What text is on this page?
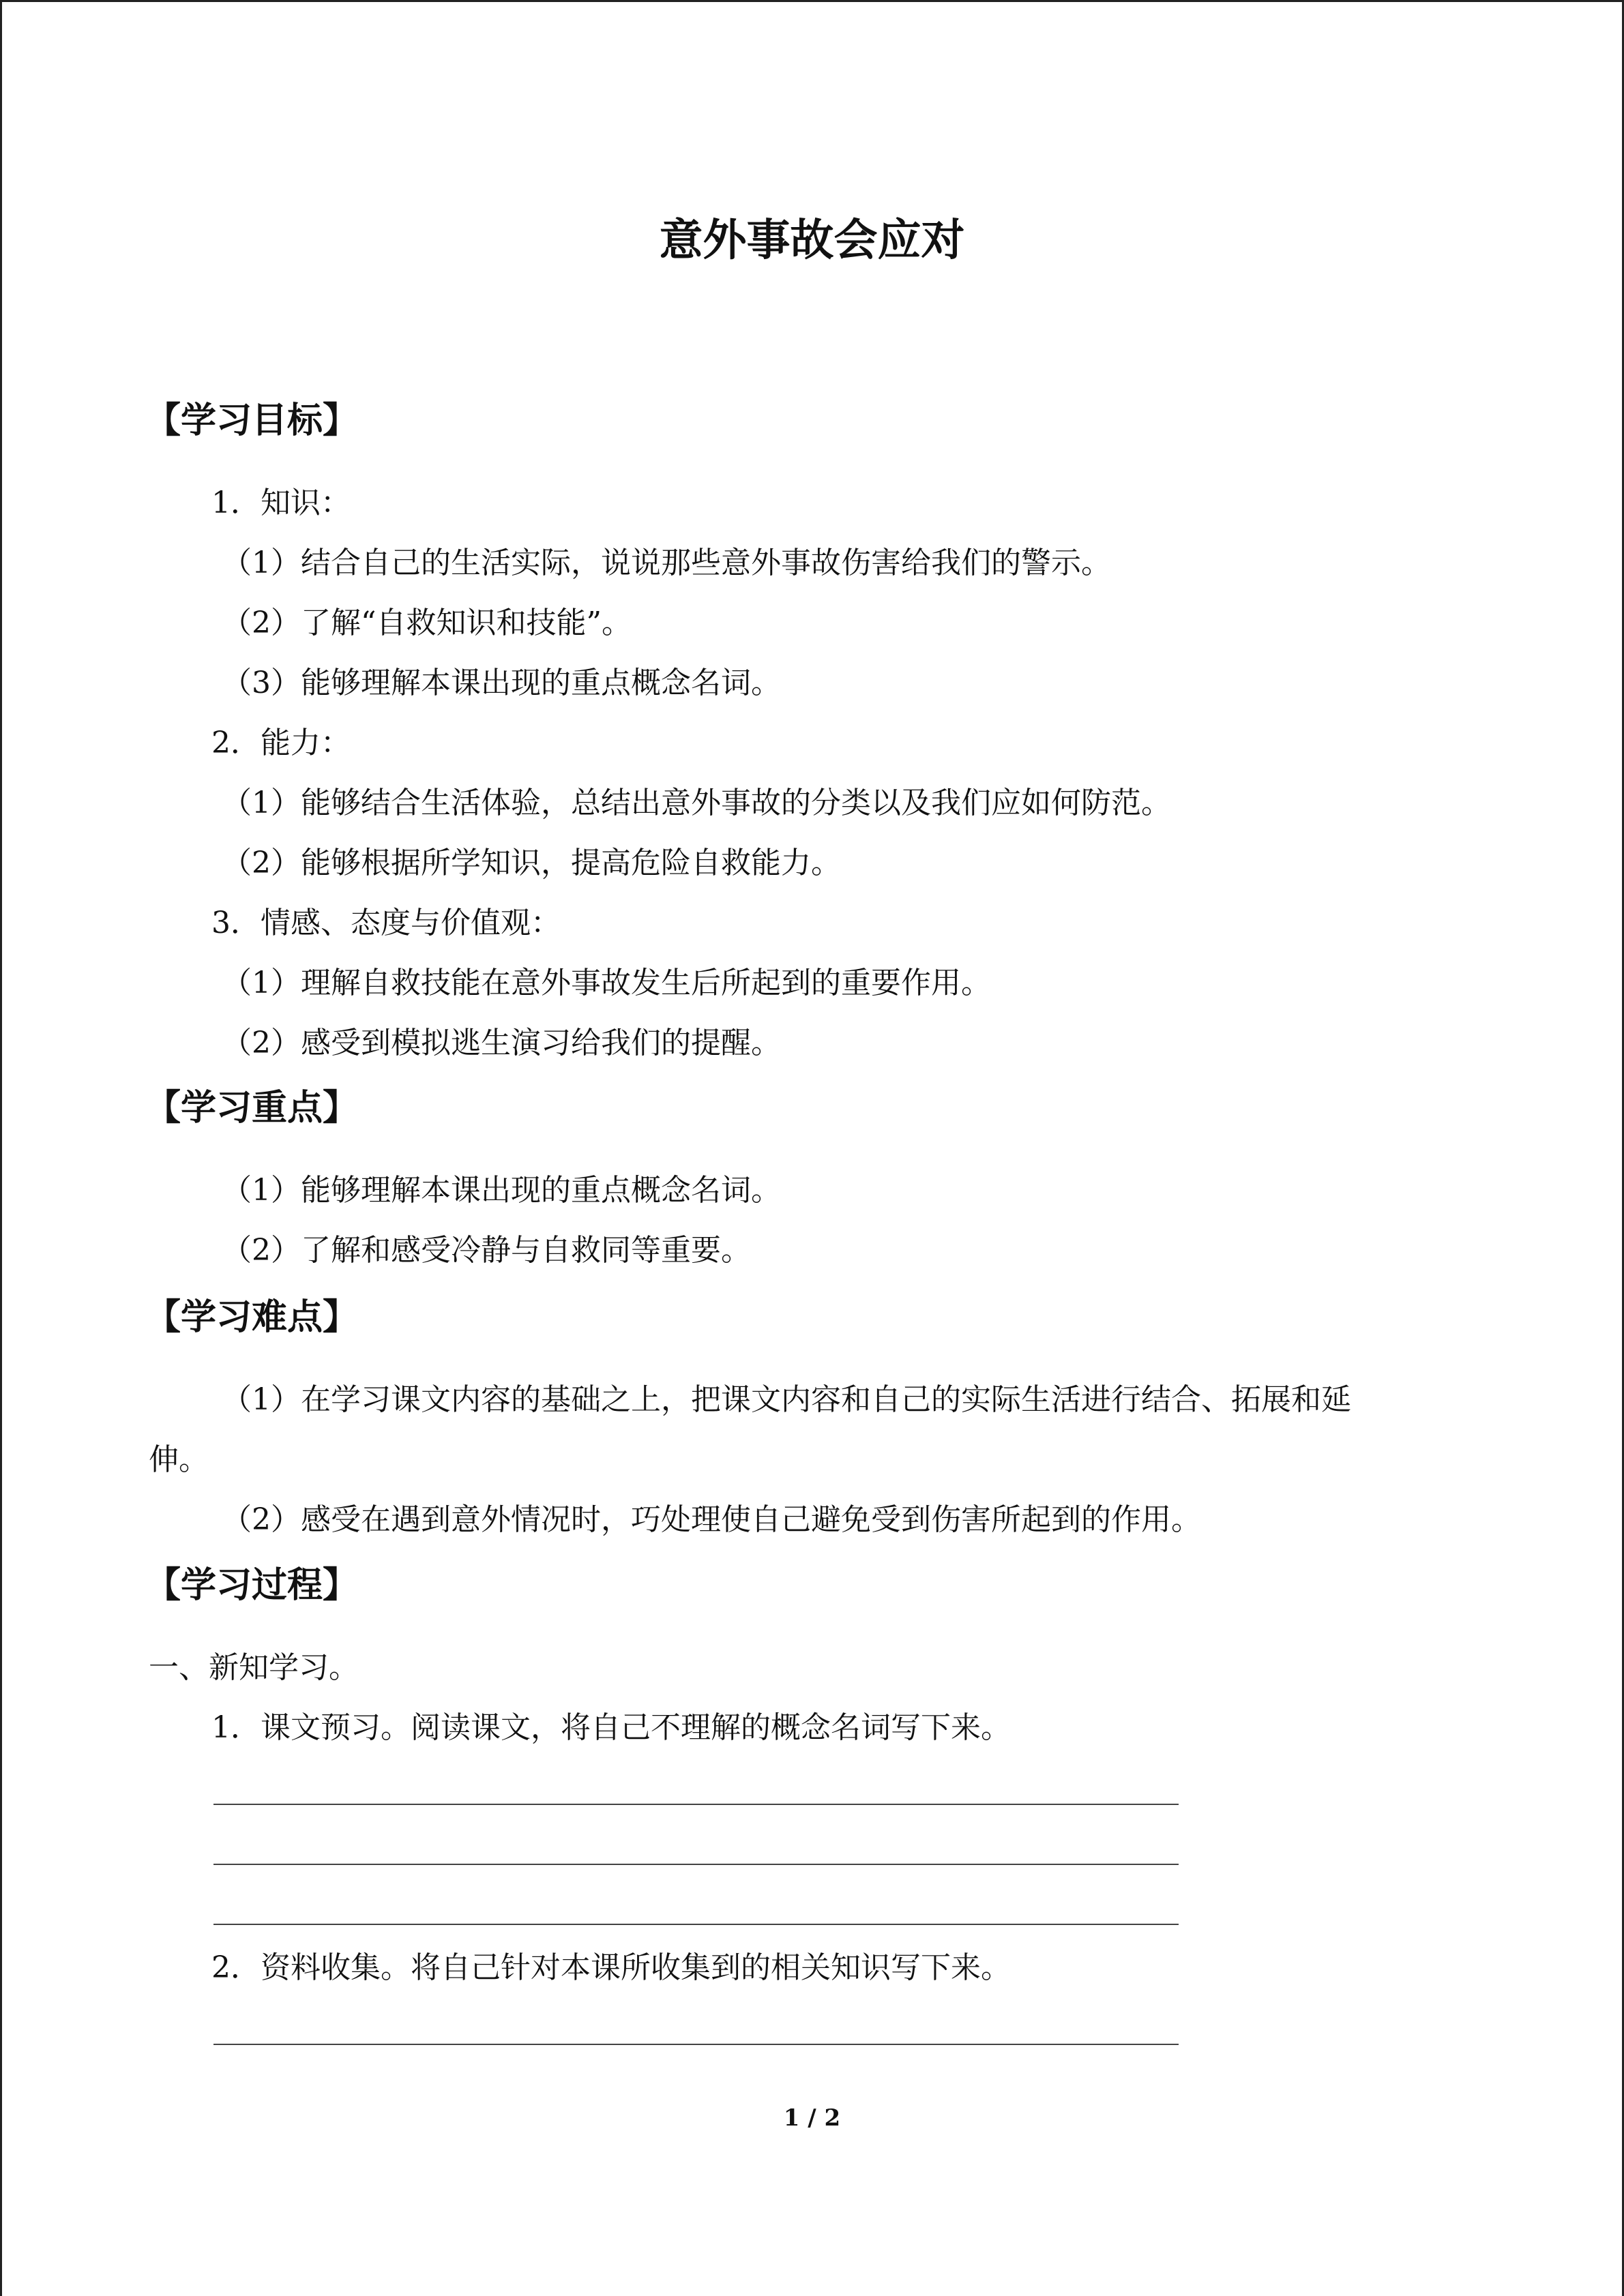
意外事故会应对
【学习目标】
1．知识：
（1）结合自己的生活实际，说说那些意外事故伤害给我们的警示。
（2）了解“自救知识和技能”。
（3）能够理解本课出现的重点概念名词。
2．能力：
（1）能够结合生活体验，总结出意外事故的分类以及我们应如何防范。
（2）能够根据所学知识，提高危险自救能力。
3．情感、态度与价值观：
（1）理解自救技能在意外事故发生后所起到的重要作用。
（2）感受到模拟逃生演习给我们的提醒。
【学习重点】
（1）能够理解本课出现的重点概念名词。
（2）了解和感受冷静与自救同等重要。
【学习难点】
（1）在学习课文内容的基础之上，把课文内容和自己的实际生活进行结合、拓展和延
伸。
（2）感受在遇到意外情况时，巧处理使自己避免受到伤害所起到的作用。
【学习过程】
一、新知学习。
1．课文预习。阅读课文，将自己不理解的概念名词写下来。
2．资料收集。将自己针对本课所收集到的相关知识写下来。
1 / 2
